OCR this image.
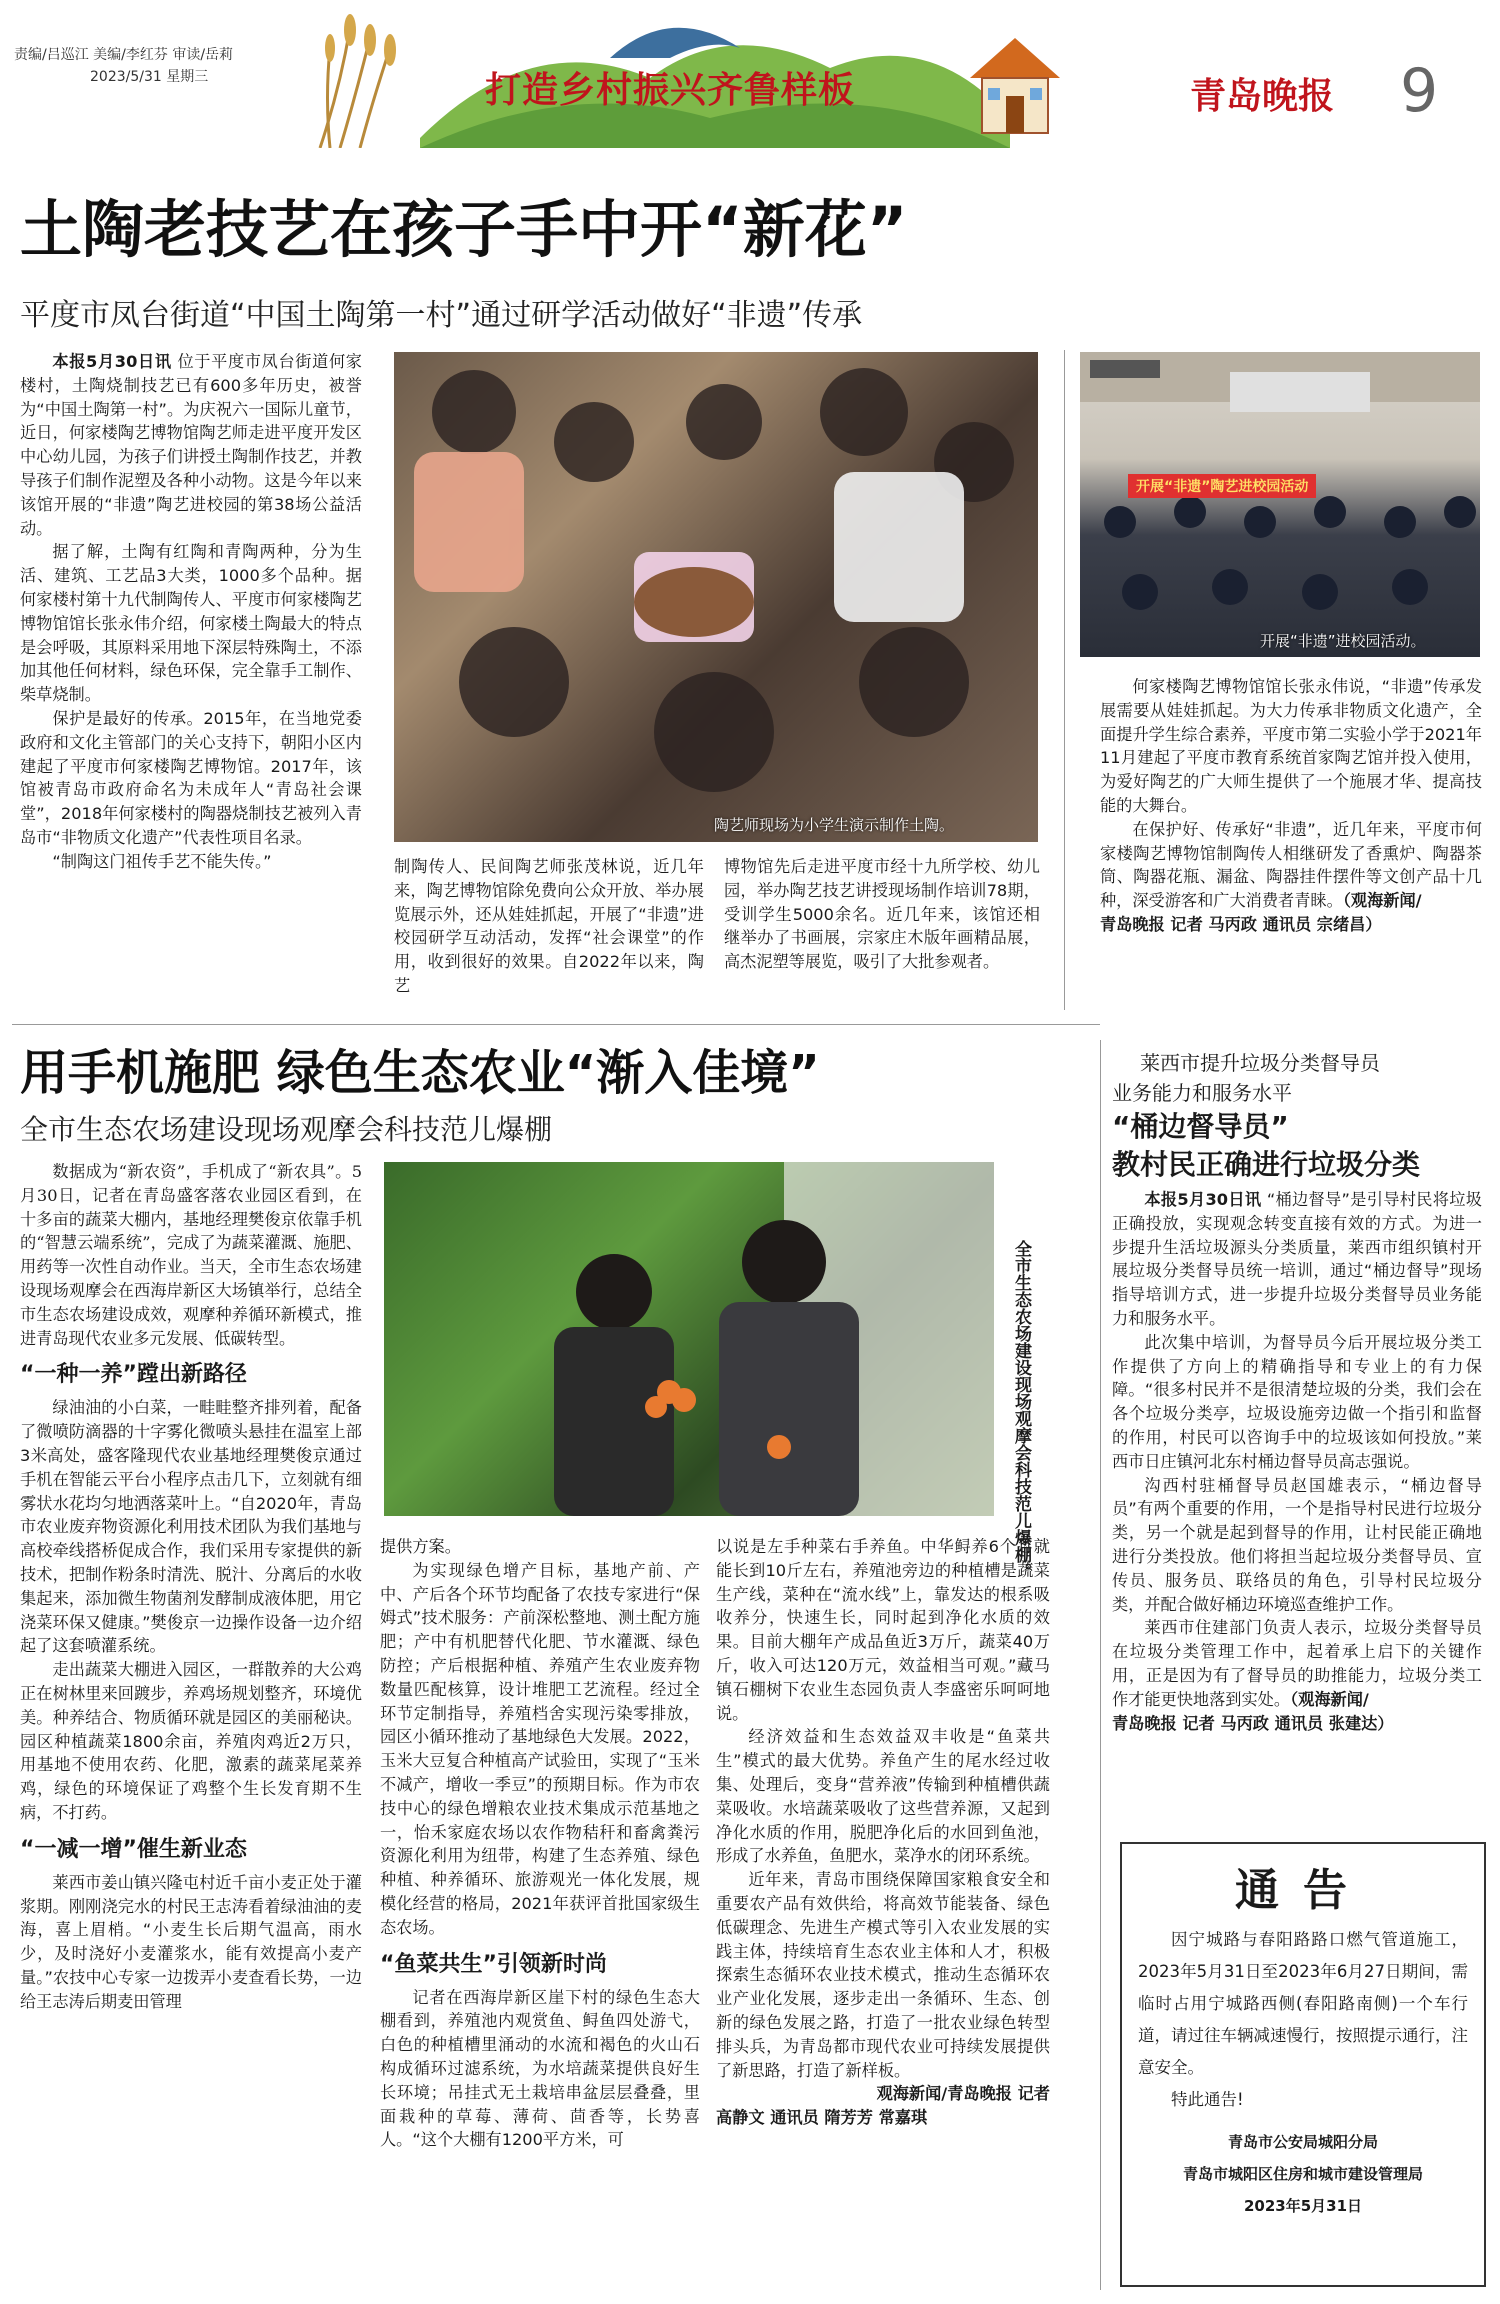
责编/吕巡江 美编/李红芬 审读/岳莉
2023/5/31 星期三	打造乡村振兴齐鲁样板	青岛晚报 9
土陶老技艺在孩子手中开“新花”
平度市凤台街道“中国土陶第一村”通过研学活动做好“非遗”传承

本报5月30日讯 位于平度市凤台街道何家楼村，土陶烧制技艺已有600多年历史，被誉为“中国土陶第一村”。为庆祝六一国际儿童节，近日，何家楼陶艺博物馆陶艺师走进平度开发区中心幼儿园，为孩子们讲授土陶制作技艺，并教导孩子们制作泥塑及各种小动物。这是今年以来该馆开展的“非遗”陶艺进校园的第38场公益活动。

据了解，土陶有红陶和青陶两种，分为生活、建筑、工艺品3大类，1000多个品种。据何家楼村第十九代制陶传人、平度市何家楼陶艺博物馆馆长张永伟介绍，何家楼土陶最大的特点是会呼吸，其原料采用地下深层特殊陶土，不添加其他任何材料，绿色环保，完全靠手工制作、柴草烧制。

保护是最好的传承。2015年，在当地党委政府和文化主管部门的关心支持下，朝阳小区内建起了平度市何家楼陶艺博物馆。2017年，该馆被青岛市政府命名为未成年人“青岛社会课堂”，2018年何家楼村的陶器烧制技艺被列入青岛市“非物质文化遗产”代表性项目名录。

“制陶这门祖传手艺不能失传。”

陶艺师现场为小学生演示制作土陶。
开展“非遗”陶艺进校园活动
开展“非遗”进校园活动。

制陶传人、民间陶艺师张茂林说，近几年来，陶艺博物馆除免费向公众开放、举办展览展示外，还从娃娃抓起，开展了“非遗”进校园研学互动活动，发挥“社会课堂”的作用，收到很好的效果。自2022年以来，陶艺

博物馆先后走进平度市经十九所学校、幼儿园，举办陶艺技艺讲授现场制作培训78期，受训学生5000余名。近几年来，该馆还相继举办了书画展，宗家庄木版年画精品展，高杰泥塑等展览，吸引了大批参观者。

何家楼陶艺博物馆馆长张永伟说，“非遗”传承发展需要从娃娃抓起。为大力传承非物质文化遗产，全面提升学生综合素养，平度市第二实验小学于2021年11月建起了平度市教育系统首家陶艺馆并投入使用，为爱好陶艺的广大师生提供了一个施展才华、提高技能的大舞台。

在保护好、传承好“非遗”，近几年来，平度市何家楼陶艺博物馆制陶传人相继研发了香熏炉、陶器茶筒、陶器花瓶、漏盆、陶器挂件摆件等文创产品十几种，深受游客和广大消费者青睐。（观海新闻/

青岛晚报 记者 马丙政 通讯员 宗绪昌）

用手机施肥 绿色生态农业“渐入佳境”
全市生态农场建设现场观摩会科技范儿爆棚

数据成为“新农资”，手机成了“新农具”。5月30日，记者在青岛盛客落农业园区看到，在十多亩的蔬菜大棚内，基地经理樊俊京依靠手机的“智慧云端系统”，完成了为蔬菜灌溉、施肥、用药等一次性自动作业。当天，全市生态农场建设现场观摩会在西海岸新区大场镇举行，总结全市生态农场建设成效，观摩种养循环新模式，推进青岛现代农业多元发展、低碳转型。

“一种一养”蹚出新路径

绿油油的小白菜，一畦畦整齐排列着，配备了微喷防滴器的十字雾化微喷头悬挂在温室上部3米高处，盛客隆现代农业基地经理樊俊京通过手机在智能云平台小程序点击几下，立刻就有细雾状水花均匀地洒落菜叶上。“自2020年，青岛市农业废弃物资源化利用技术团队为我们基地与高校牵线搭桥促成合作，我们采用专家提供的新技术，把制作粉条时清洗、脱汁、分离后的水收集起来，添加微生物菌剂发酵制成液体肥，用它浇菜环保又健康。”樊俊京一边操作设备一边介绍起了这套喷灌系统。

走出蔬菜大棚进入园区，一群散养的大公鸡正在树林里来回踱步，养鸡场规划整齐，环境优美。种养结合、物质循环就是园区的美丽秘诀。园区种植蔬菜1800余亩，养殖肉鸡近2万只，用基地不使用农药、化肥，激素的蔬菜尾菜养鸡，绿色的环境保证了鸡整个生长发育期不生病，不打药。

“一减一增”催生新业态

莱西市姜山镇兴隆屯村近千亩小麦正处于灌浆期。刚刚浇完水的村民王志涛看着绿油油的麦海，喜上眉梢。“小麦生长后期气温高，雨水少，及时浇好小麦灌浆水，能有效提高小麦产量。”农技中心专家一边拨弄小麦查看长势，一边给王志涛后期麦田管理

全市生态农场建设现场观摩会科技范儿爆棚。

提供方案。

为实现绿色增产目标，基地产前、产中、产后各个环节均配备了农技专家进行“保姆式”技术服务：产前深松整地、测土配方施肥；产中有机肥替代化肥、节水灌溉、绿色防控；产后根据种植、养殖产生农业废弃物数量匹配核算，设计堆肥工艺流程。经过全环节定制指导，养殖档舍实现污染零排放，园区小循环推动了基地绿色大发展。2022，玉米大豆复合种植高产试验田，实现了“玉米不减产，增收一季豆”的预期目标。作为市农技中心的绿色增粮农业技术集成示范基地之一，怡禾家庭农场以农作物秸秆和畜禽粪污资源化利用为纽带，构建了生态养殖、绿色种植、种养循环、旅游观光一体化发展，规模化经营的格局，2021年获评首批国家级生态农场。

“鱼菜共生”引领新时尚

记者在西海岸新区崖下村的绿色生态大棚看到，养殖池内观赏鱼、鲟鱼四处游弋，白色的种植槽里涌动的水流和褐色的火山石构成循环过滤系统，为水培蔬菜提供良好生长环境；吊挂式无土栽培串盆层层叠叠，里面栽种的草莓、薄荷、茴香等，长势喜人。“这个大棚有1200平方米，可

以说是左手种菜右手养鱼。中华鲟养6个月就能长到10斤左右，养殖池旁边的种植槽是蔬菜生产线，菜种在“流水线”上，靠发达的根系吸收养分，快速生长，同时起到净化水质的效果。目前大棚年产成品鱼近3万斤，蔬菜40万斤，收入可达120万元，效益相当可观。”藏马镇石棚树下农业生态园负责人李盛密乐呵呵地说。

经济效益和生态效益双丰收是“鱼菜共生”模式的最大优势。养鱼产生的尾水经过收集、处理后，变身“营养液”传输到种植槽供蔬菜吸收。水培蔬菜吸收了这些营养源，又起到净化水质的作用，脱肥净化后的水回到鱼池，形成了水养鱼，鱼肥水，菜净水的闭环系统。

近年来，青岛市围绕保障国家粮食安全和重要农产品有效供给，将高效节能装备、绿色低碳理念、先进生产模式等引入农业发展的实践主体，持续培育生态农业主体和人才，积极探索生态循环农业技术模式，推动生态循环农业产业化发展，逐步走出一条循环、生态、创新的绿色发展之路，打造了一批农业绿色转型排头兵，为青岛都市现代农业可持续发展提供了新思路，打造了新样板。

观海新闻/青岛晚报 记者

高静文 通讯员 隋芳芳 常嘉琪

莱西市提升垃圾分类督导员
业务能力和服务水平
“桶边督导员”
教村民正确进行垃圾分类

本报5月30日讯 “桶边督导”是引导村民将垃圾正确投放，实现观念转变直接有效的方式。为进一步提升生活垃圾源头分类质量，莱西市组织镇村开展垃圾分类督导员统一培训，通过“桶边督导”现场指导培训方式，进一步提升垃圾分类督导员业务能力和服务水平。

此次集中培训，为督导员今后开展垃圾分类工作提供了方向上的精确指导和专业上的有力保障。“很多村民并不是很清楚垃圾的分类，我们会在各个垃圾分类亭，垃圾设施旁边做一个指引和监督的作用，村民可以咨询手中的垃圾该如何投放。”莱西市日庄镇河北东村桶边督导员高志强说。

沟西村驻桶督导员赵国雄表示，“桶边督导员”有两个重要的作用，一个是指导村民进行垃圾分类，另一个就是起到督导的作用，让村民能正确地进行分类投放。他们将担当起垃圾分类督导员、宣传员、服务员、联络员的角色，引导村民垃圾分类，并配合做好桶边环境巡查维护工作。

莱西市住建部门负责人表示，垃圾分类督导员在垃圾分类管理工作中，起着承上启下的关键作用，正是因为有了督导员的助推能力，垃圾分类工作才能更快地落到实处。（观海新闻/

青岛晚报 记者 马丙政 通讯员 张建达）

通告

因宁城路与春阳路路口燃气管道施工，2023年5月31日至2023年6月27日期间，需临时占用宁城路西侧(春阳路南侧)一个车行道，请过往车辆减速慢行，按照提示通行，注意安全。

特此通告!

青岛市公安局城阳分局
青岛市城阳区住房和城市建设管理局
2023年5月31日
